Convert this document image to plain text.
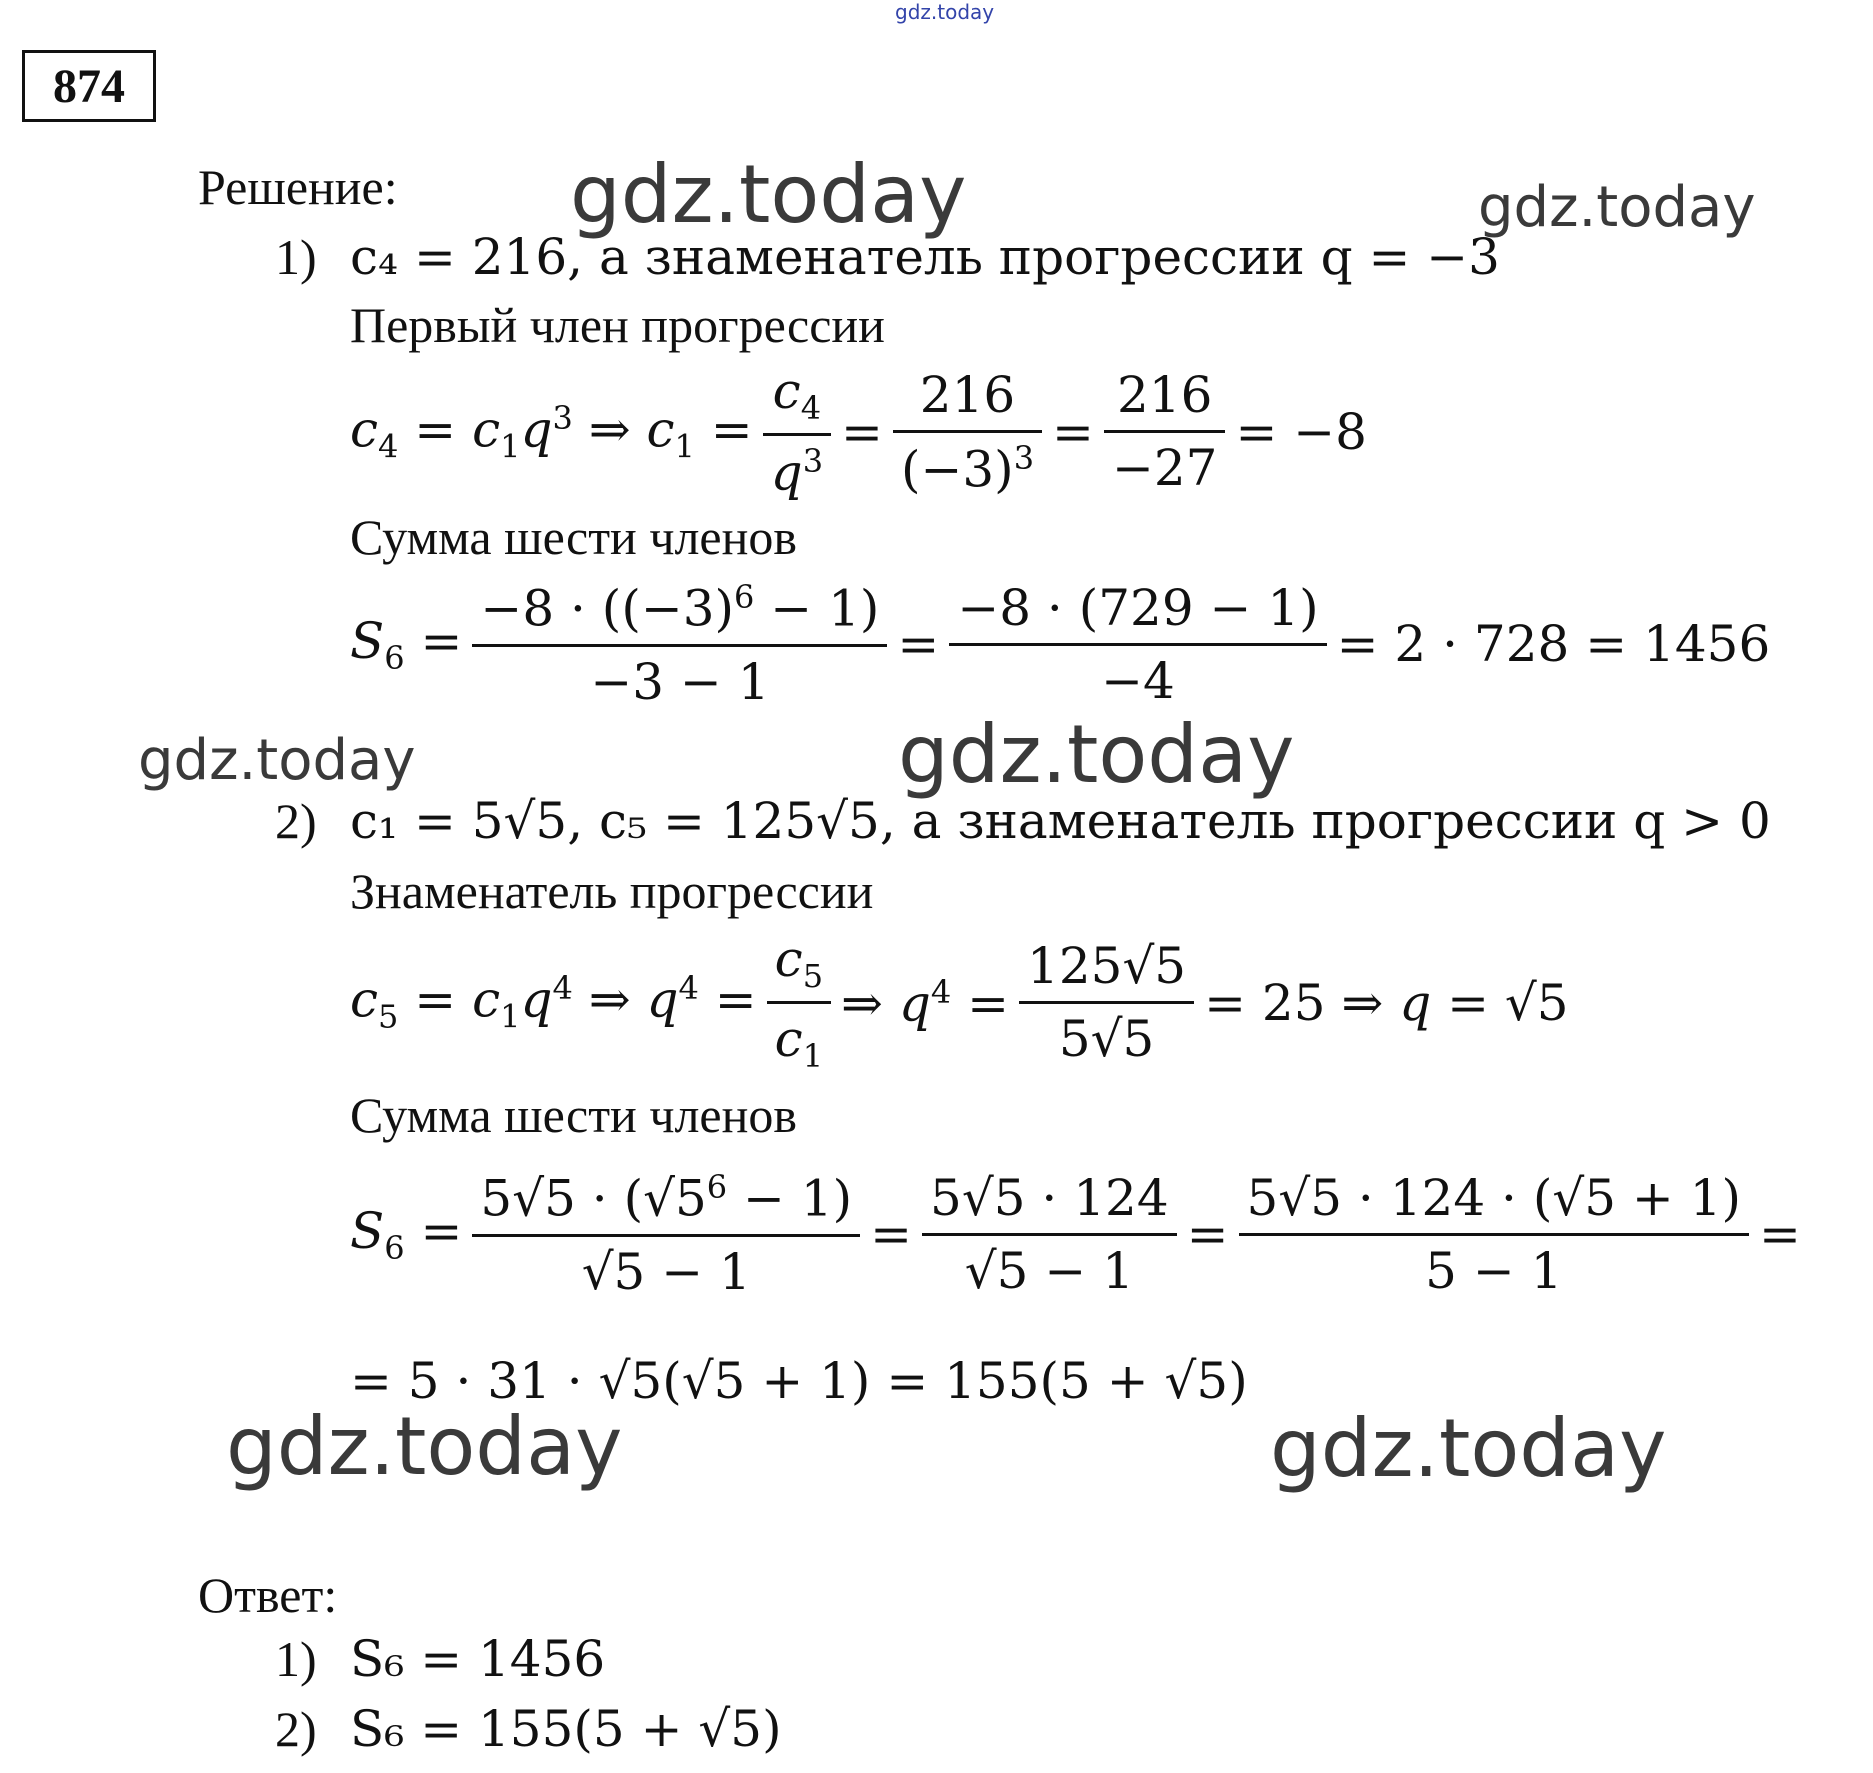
gdz.today
874
Решение: gdz.today	gdz.today
gdz.today	gdz.today
gdz.today	gdz.today
1) c₄ = 216, а знаменатель прогрессии q = −3
Первый член прогрессии
$c_4 = c_1q^3$ ⇒ $c_1 = \frac{c_4}{q^3} = \frac{216}{(-3)^3} = \frac{216}{-27} = -8$
Сумма шести членов
$S_6 = \frac{-8 \cdot ((-3)^6 - 1)}{-3 - 1} = \frac{-8 \cdot (729 - 1)}{-4} = 2 \cdot 728 = 1456$
2) c₁ = 5√5, c₅ = 125√5, а знаменатель прогрессии q > 0
Знаменатель прогрессии
$c_5 = c_1q^4$ ⇒ $q^4 = \frac{c_5}{c_1}$ ⇒ $q^4 = \frac{125√5}{5√5} = 25$ ⇒ q = √5
Сумма шести членов
$S_6 = \frac{5√5 \cdot (√5^6 - 1)}{√5 - 1} = \frac{5√5 \cdot 124}{√5 - 1} = \frac{5√5 \cdot 124 \cdot (√5 + 1)}{5 - 1}$ =
= 5 · 31 · √5(√5 + 1) = 155(5 + √5)
Ответ:
1) S₆ = 1456
2) S₆ = 155(5 + √5)
